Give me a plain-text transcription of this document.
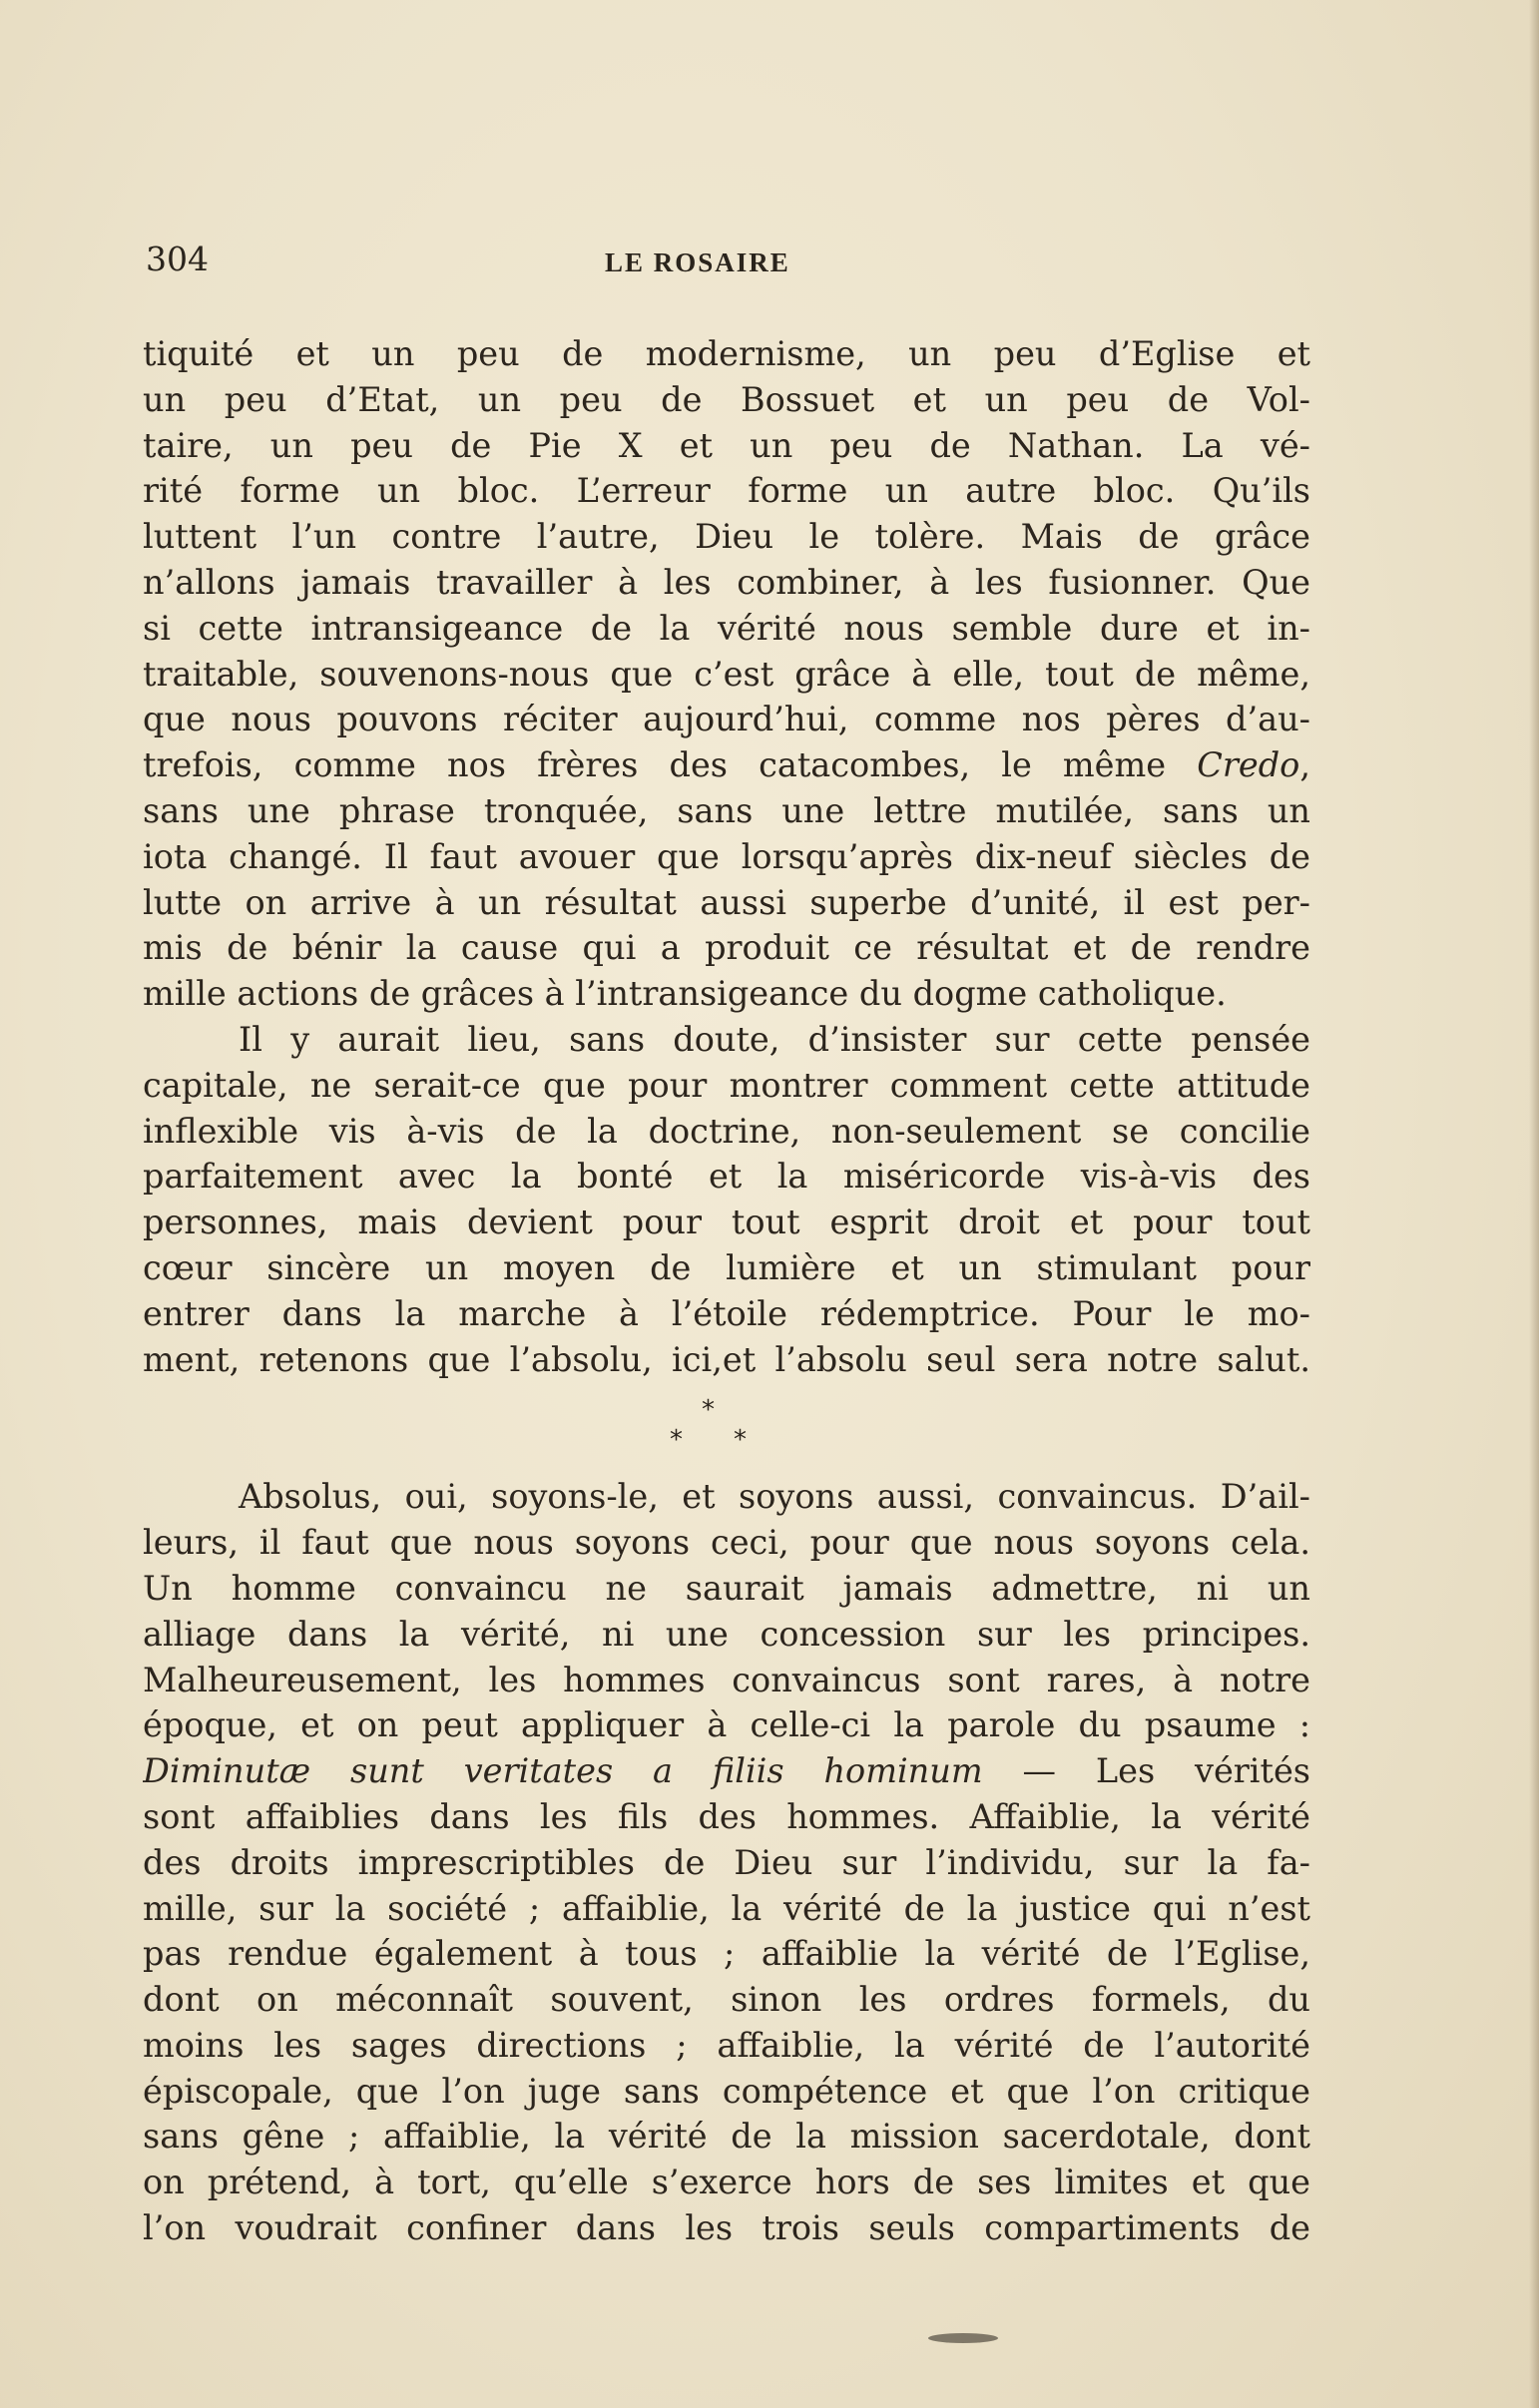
304	LE ROSAIRE
tiquité et un peu de modernisme, un peu d’Eglise et
un peu d’Etat, un peu de Bossuet et un peu de Vol-
taire, un peu de Pie X et un peu de Nathan. La vé-
rité forme un bloc. L’erreur forme un autre bloc. Qu’ils
luttent l’un contre l’autre, Dieu le tolère. Mais de grâce
n’allons jamais travailler à les combiner, à les fusionner. Que
si cette intransigeance de la vérité nous semble dure et in-
traitable, souvenons-nous que c’est grâce à elle, tout de même,
que nous pouvons réciter aujourd’hui, comme nos pères d’au-
trefois, comme nos frères des catacombes, le même Credo,
sans une phrase tronquée, sans une lettre mutilée, sans un
iota changé. Il faut avouer que lorsqu’après dix-neuf siècles de
lutte on arrive à un résultat aussi superbe d’unité, il est per-
mis de bénir la cause qui a produit ce résultat et de rendre
mille actions de grâces à l’intransigeance du dogme catholique.
Il y aurait lieu, sans doute, d’insister sur cette pensée
capitale, ne serait-ce que pour montrer comment cette attitude
inflexible vis à-vis de la doctrine, non-seulement se concilie
parfaitement avec la bonté et la miséricorde vis-à-vis des
personnes, mais devient pour tout esprit droit et pour tout
cœur sincère un moyen de lumière et un stimulant pour
entrer dans la marche à l’étoile rédemptrice. Pour le mo-
ment, retenons que l’absolu, ici,et l’absolu seul sera notre salut.
*
* *
Absolus, oui, soyons-le, et soyons aussi, convaincus. D’ail-
leurs, il faut que nous soyons ceci, pour que nous soyons cela.
Un homme convaincu ne saurait jamais admettre, ni un
alliage dans la vérité, ni une concession sur les principes.
Malheureusement, les hommes convaincus sont rares, à notre
époque, et on peut appliquer à celle-ci la parole du psaume :
Diminutæ sunt veritates a filiis hominum — Les vérités
sont affaiblies dans les fils des hommes. Affaiblie, la vérité
des droits imprescriptibles de Dieu sur l’individu, sur la fa-
mille, sur la société ; affaiblie, la vérité de la justice qui n’est
pas rendue également à tous ; affaiblie la vérité de l’Eglise,
dont on méconnaît souvent, sinon les ordres formels, du
moins les sages directions ; affaiblie, la vérité de l’autorité
épiscopale, que l’on juge sans compétence et que l’on critique
sans gêne ; affaiblie, la vérité de la mission sacerdotale, dont
on prétend, à tort, qu’elle s’exerce hors de ses limites et que
l’on voudrait confiner dans les trois seuls compartiments de
